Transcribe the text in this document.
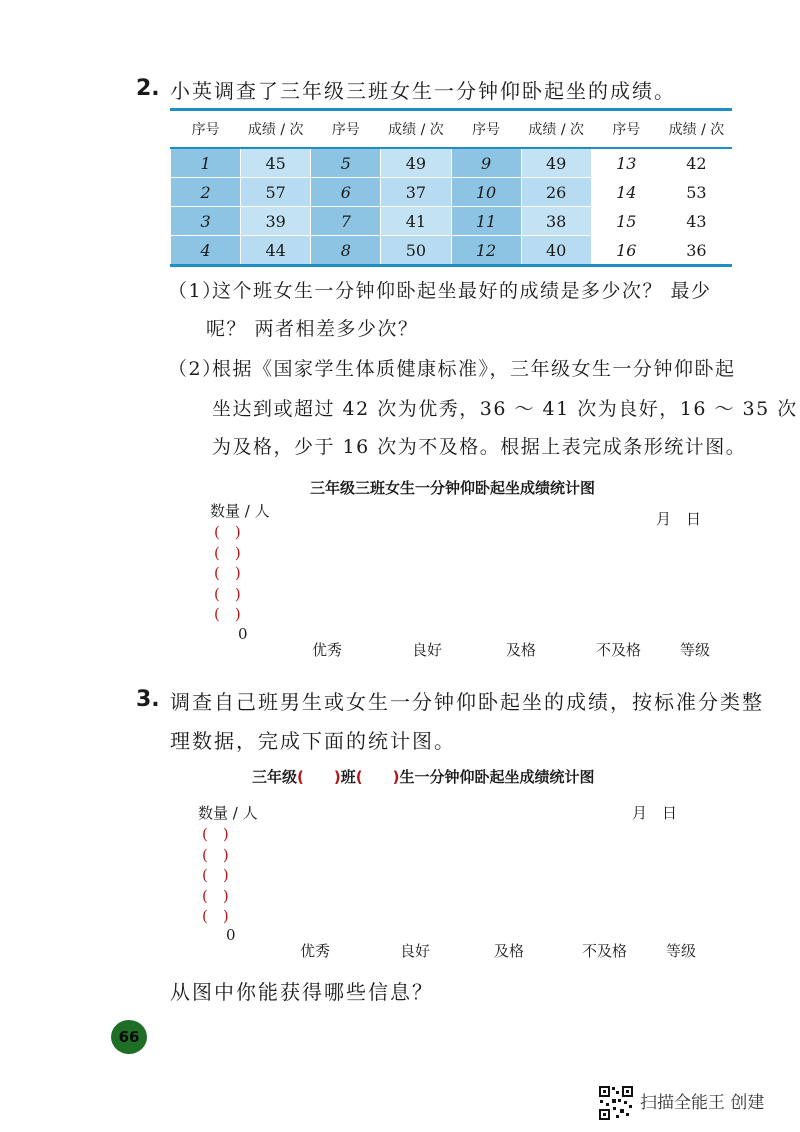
2. 小英调查了三年级三班女生一分钟仰卧起坐的成绩。
序号	成绩 / 次	序号	成绩 / 次	序号	成绩 / 次	序号	成绩 / 次
1	45	5	49	9	49	13	42
2	57	6	37	10	26	14	53
3	39	7	41	11	38	15	43
4	44	8	50	12	40	16	36
（1）
这个班女生一分钟仰卧起坐最好的成绩是多少次？ 最少
呢？ 两者相差多少次？
（2）
根据《国家学生体质健康标准》，三年级女生一分钟仰卧起
坐达到或超过 42 次为优秀，36 ～ 41 次为良好，16 ～ 35 次
为及格，少于 16 次为不及格。根据上表完成条形统计图。
三年级三班女生一分钟仰卧起坐成绩统计图
数量 / 人	月　日
(　)
(　)
(　)
(　)
(　)
0
优秀	良好	及格	不及格	等级
3. 调查自己班男生或女生一分钟仰卧起坐的成绩，按标准分类整
理数据，完成下面的统计图。
三年级(　　)班(　　)生一分钟仰卧起坐成绩统计图
数量 / 人	月　日
(　)
(　)
(　)
(　)
(　)
0
优秀	良好	及格	不及格	等级
从图中你能获得哪些信息？
66
扫描全能王 创建
